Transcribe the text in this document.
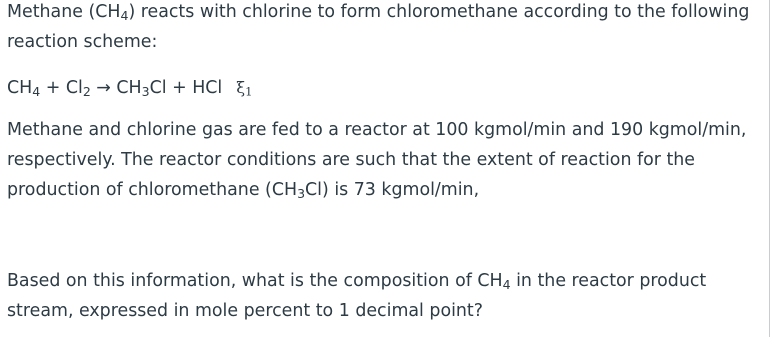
Methane $(CH_4)$ reacts with chlorine to form chloromethane according to the following reaction scheme:

$CH_4 + Cl_2 \to CH_3Cl$ + HCl $\xi_1$

Methane and chlorine gas are fed to a reactor at 100 kgmol/min and 190 kgmol/min, respectively. The reactor conditions are such that the extent of reaction for the production of chloromethane $(CH_3Cl)$ is 73 kgmol/min,

Based on this information, what is the composition of $CH_4$ in the reactor product stream, expressed in mole percent to 1 decimal point?
